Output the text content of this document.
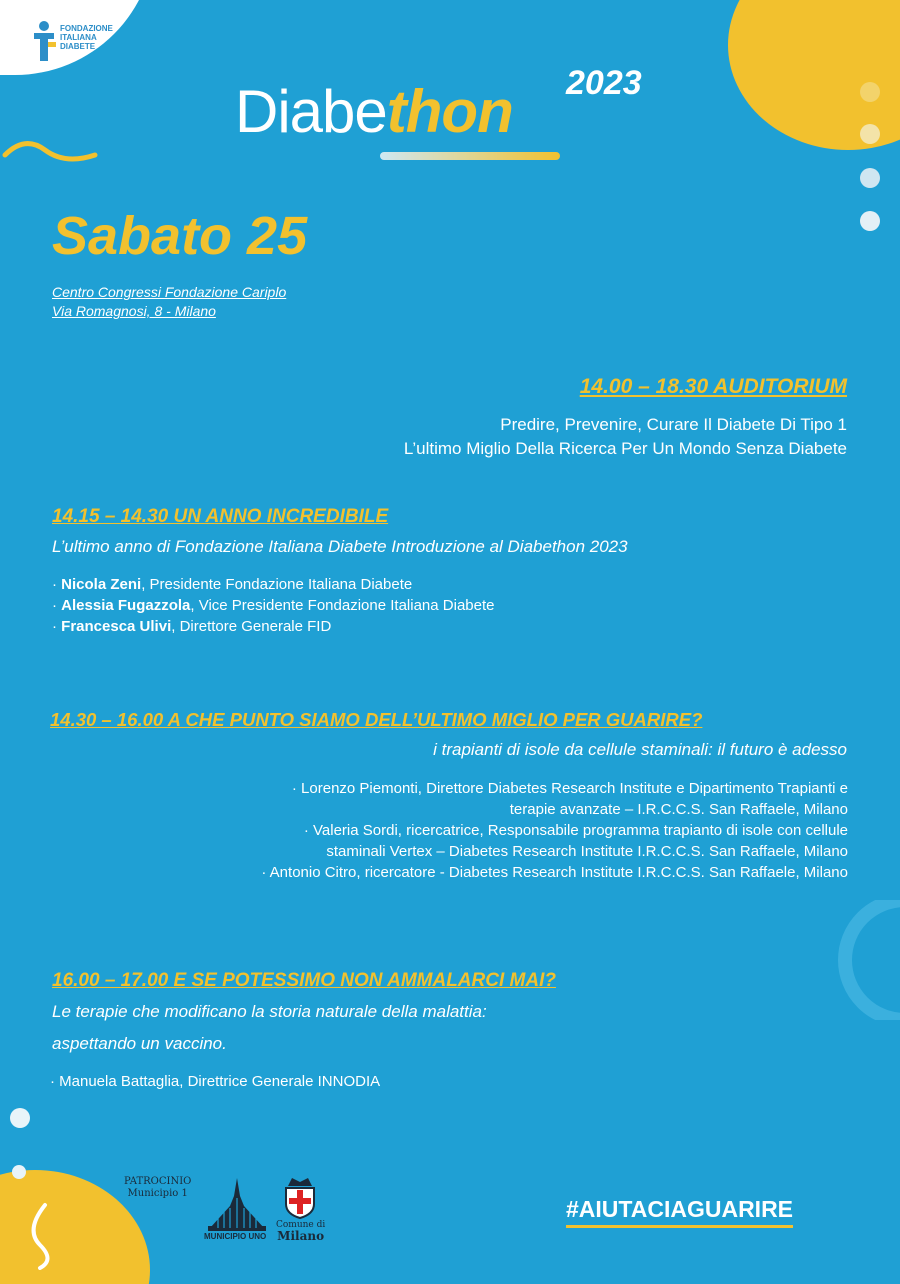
FONDAZIONE
ITALIANA
DIABETE
Diabethon 2023
Sabato 25
Centro Congressi Fondazione Cariplo
Via Romagnosi, 8 - Milano
14.00 – 18.30 AUDITORIUM
Predire, Prevenire, Curare Il Diabete Di Tipo 1
L’ultimo Miglio Della Ricerca Per Un Mondo Senza Diabete
14.15 – 14.30 UN ANNO INCREDIBILE
L’ultimo anno di Fondazione Italiana Diabete Introduzione al Diabethon 2023
· Nicola Zeni, Presidente Fondazione Italiana Diabete
· Alessia Fugazzola, Vice Presidente Fondazione Italiana Diabete
· Francesca Ulivi, Direttore Generale FID
14.30 – 16.00 A CHE PUNTO SIAMO DELL’ULTIMO MIGLIO PER GUARIRE?
i trapianti di isole da cellule staminali: il futuro è adesso
· Lorenzo Piemonti, Direttore Diabetes Research Institute e Dipartimento Trapianti e
terapie avanzate – I.R.C.C.S. San Raffaele, Milano
· Valeria Sordi, ricercatrice, Responsabile programma trapianto di isole con cellule
staminali Vertex – Diabetes Research Institute I.R.C.C.S. San Raffaele, Milano
· Antonio Citro, ricercatore - Diabetes Research Institute I.R.C.C.S. San Raffaele, Milano
16.00 – 17.00 E SE POTESSIMO NON AMMALARCI MAI?
Le terapie che modificano la storia naturale della malattia:
aspettando un vaccino.
· Manuela Battaglia, Direttrice Generale INNODIA
PATROCINIO
Municipio 1
MUNICIPIO UNO
Comune di
Milano
#AIUTACIAGUARIRE
